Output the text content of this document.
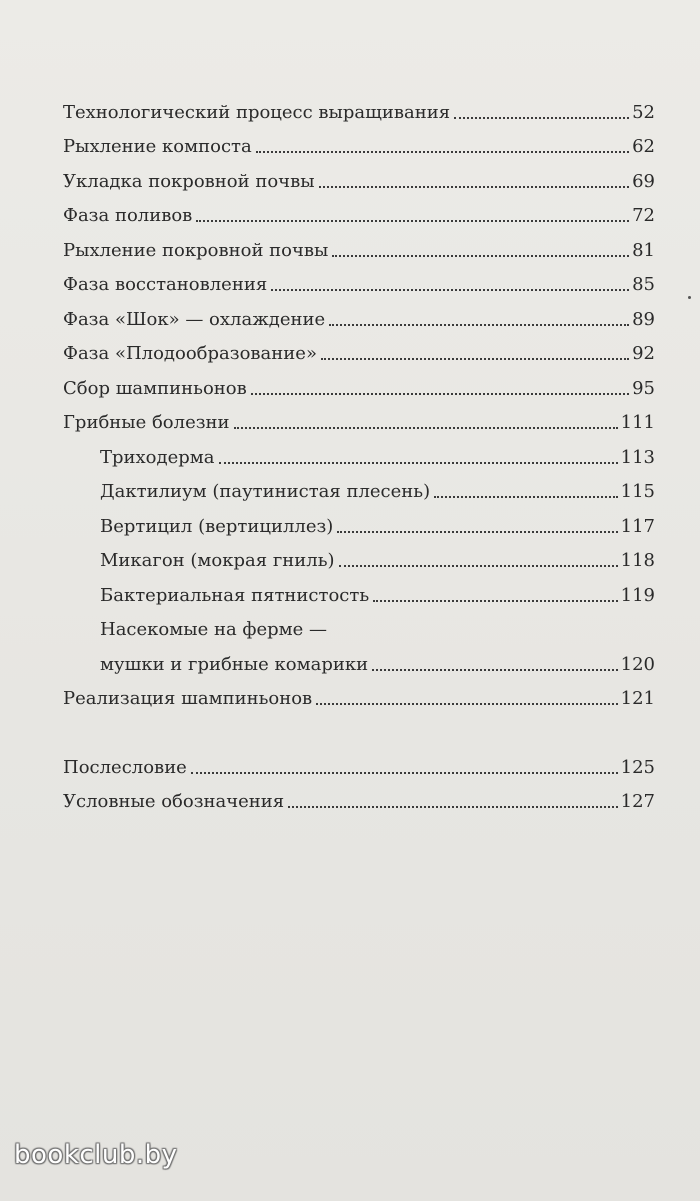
Технологический процесс выращивания	52
Рыхление компоста	62
Укладка покровной почвы	69
Фаза поливов	72
Рыхление покровной почвы	81
Фаза восстановления	85
Фаза «Шок» — охлаждение	89
Фаза «Плодообразование»	92
Сбор шампиньонов	95
Грибные болезни	111
Триходерма	113
Дактилиум (паутинистая плесень)	115
Вертицил (вертициллез)	117
Микагон (мокрая гниль)	118
Бактериальная пятнистость	119
Насекомые на ферме —
мушки и грибные комарики	120
Реализация шампиньонов	121
Послесловие	125
Условные обозначения	127
bookclub.by
